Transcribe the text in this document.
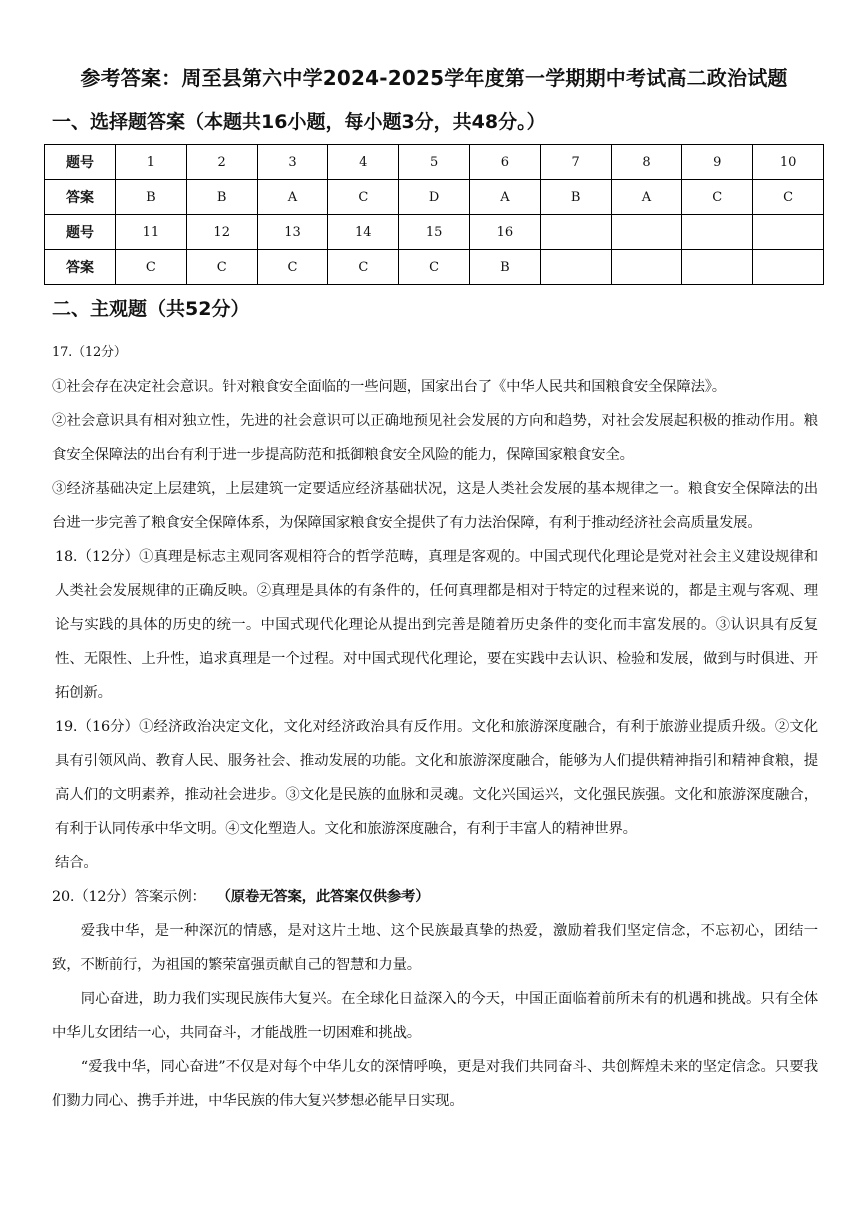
参考答案：周至县第六中学2024-2025学年度第一学期期中考试高二政治试题
一、选择题答案（本题共16小题，每小题3分，共48分。）
题号	1	2	3	4	5	6	7	8	9	10
答案	B	B	A	C	D	A	B	A	C	C
题号	11	12	13	14	15	16				
答案	C	C	C	C	C	B				
二、主观题（共52分）

17.（12分）

①社会存在决定社会意识。针对粮食安全面临的一些问题，国家出台了《中华人民共和国粮食安全保障法》。

②社会意识具有相对独立性，先进的社会意识可以正确地预见社会发展的方向和趋势，对社会发展起积极的推动作用。粮食安全保障法的出台有利于进一步提高防范和抵御粮食安全风险的能力，保障国家粮食安全。

③经济基础决定上层建筑，上层建筑一定要适应经济基础状况，这是人类社会发展的基本规律之一。粮食安全保障法的出台进一步完善了粮食安全保障体系，为保障国家粮食安全提供了有力法治保障，有利于推动经济社会高质量发展。

18.（12分）①真理是标志主观同客观相符合的哲学范畴，真理是客观的。中国式现代化理论是党对社会主义建设规律和人类社会发展规律的正确反映。②真理是具体的有条件的，任何真理都是相对于特定的过程来说的，都是主观与客观、理论与实践的具体的历史的统一。中国式现代化理论从提出到完善是随着历史条件的变化而丰富发展的。③认识具有反复性、无限性、上升性，追求真理是一个过程。对中国式现代化理论，要在实践中去认识、检验和发展，做到与时俱进、开拓创新。

19.（16分）①经济政治决定文化，文化对经济政治具有反作用。文化和旅游深度融合，有利于旅游业提质升级。②文化具有引领风尚、教育人民、服务社会、推动发展的功能。文化和旅游深度融合，能够为人们提供精神指引和精神食粮，提高人们的文明素养，推动社会进步。③文化是民族的血脉和灵魂。文化兴国运兴，文化强民族强。文化和旅游深度融合，有利于认同传承中华文明。④文化塑造人。文化和旅游深度融合，有利于丰富人的精神世界。

结合。

20.（12分）答案示例： （原卷无答案，此答案仅供参考）

爱我中华，是一种深沉的情感，是对这片土地、这个民族最真挚的热爱，激励着我们坚定信念，不忘初心，团结一致，不断前行，为祖国的繁荣富强贡献自己的智慧和力量。

同心奋进，助力我们实现民族伟大复兴。在全球化日益深入的今天，中国正面临着前所未有的机遇和挑战。只有全体中华儿女团结一心，共同奋斗，才能战胜一切困难和挑战。

“爱我中华，同心奋进”不仅是对每个中华儿女的深情呼唤，更是对我们共同奋斗、共创辉煌未来的坚定信念。只要我们勠力同心、携手并进，中华民族的伟大复兴梦想必能早日实现。
